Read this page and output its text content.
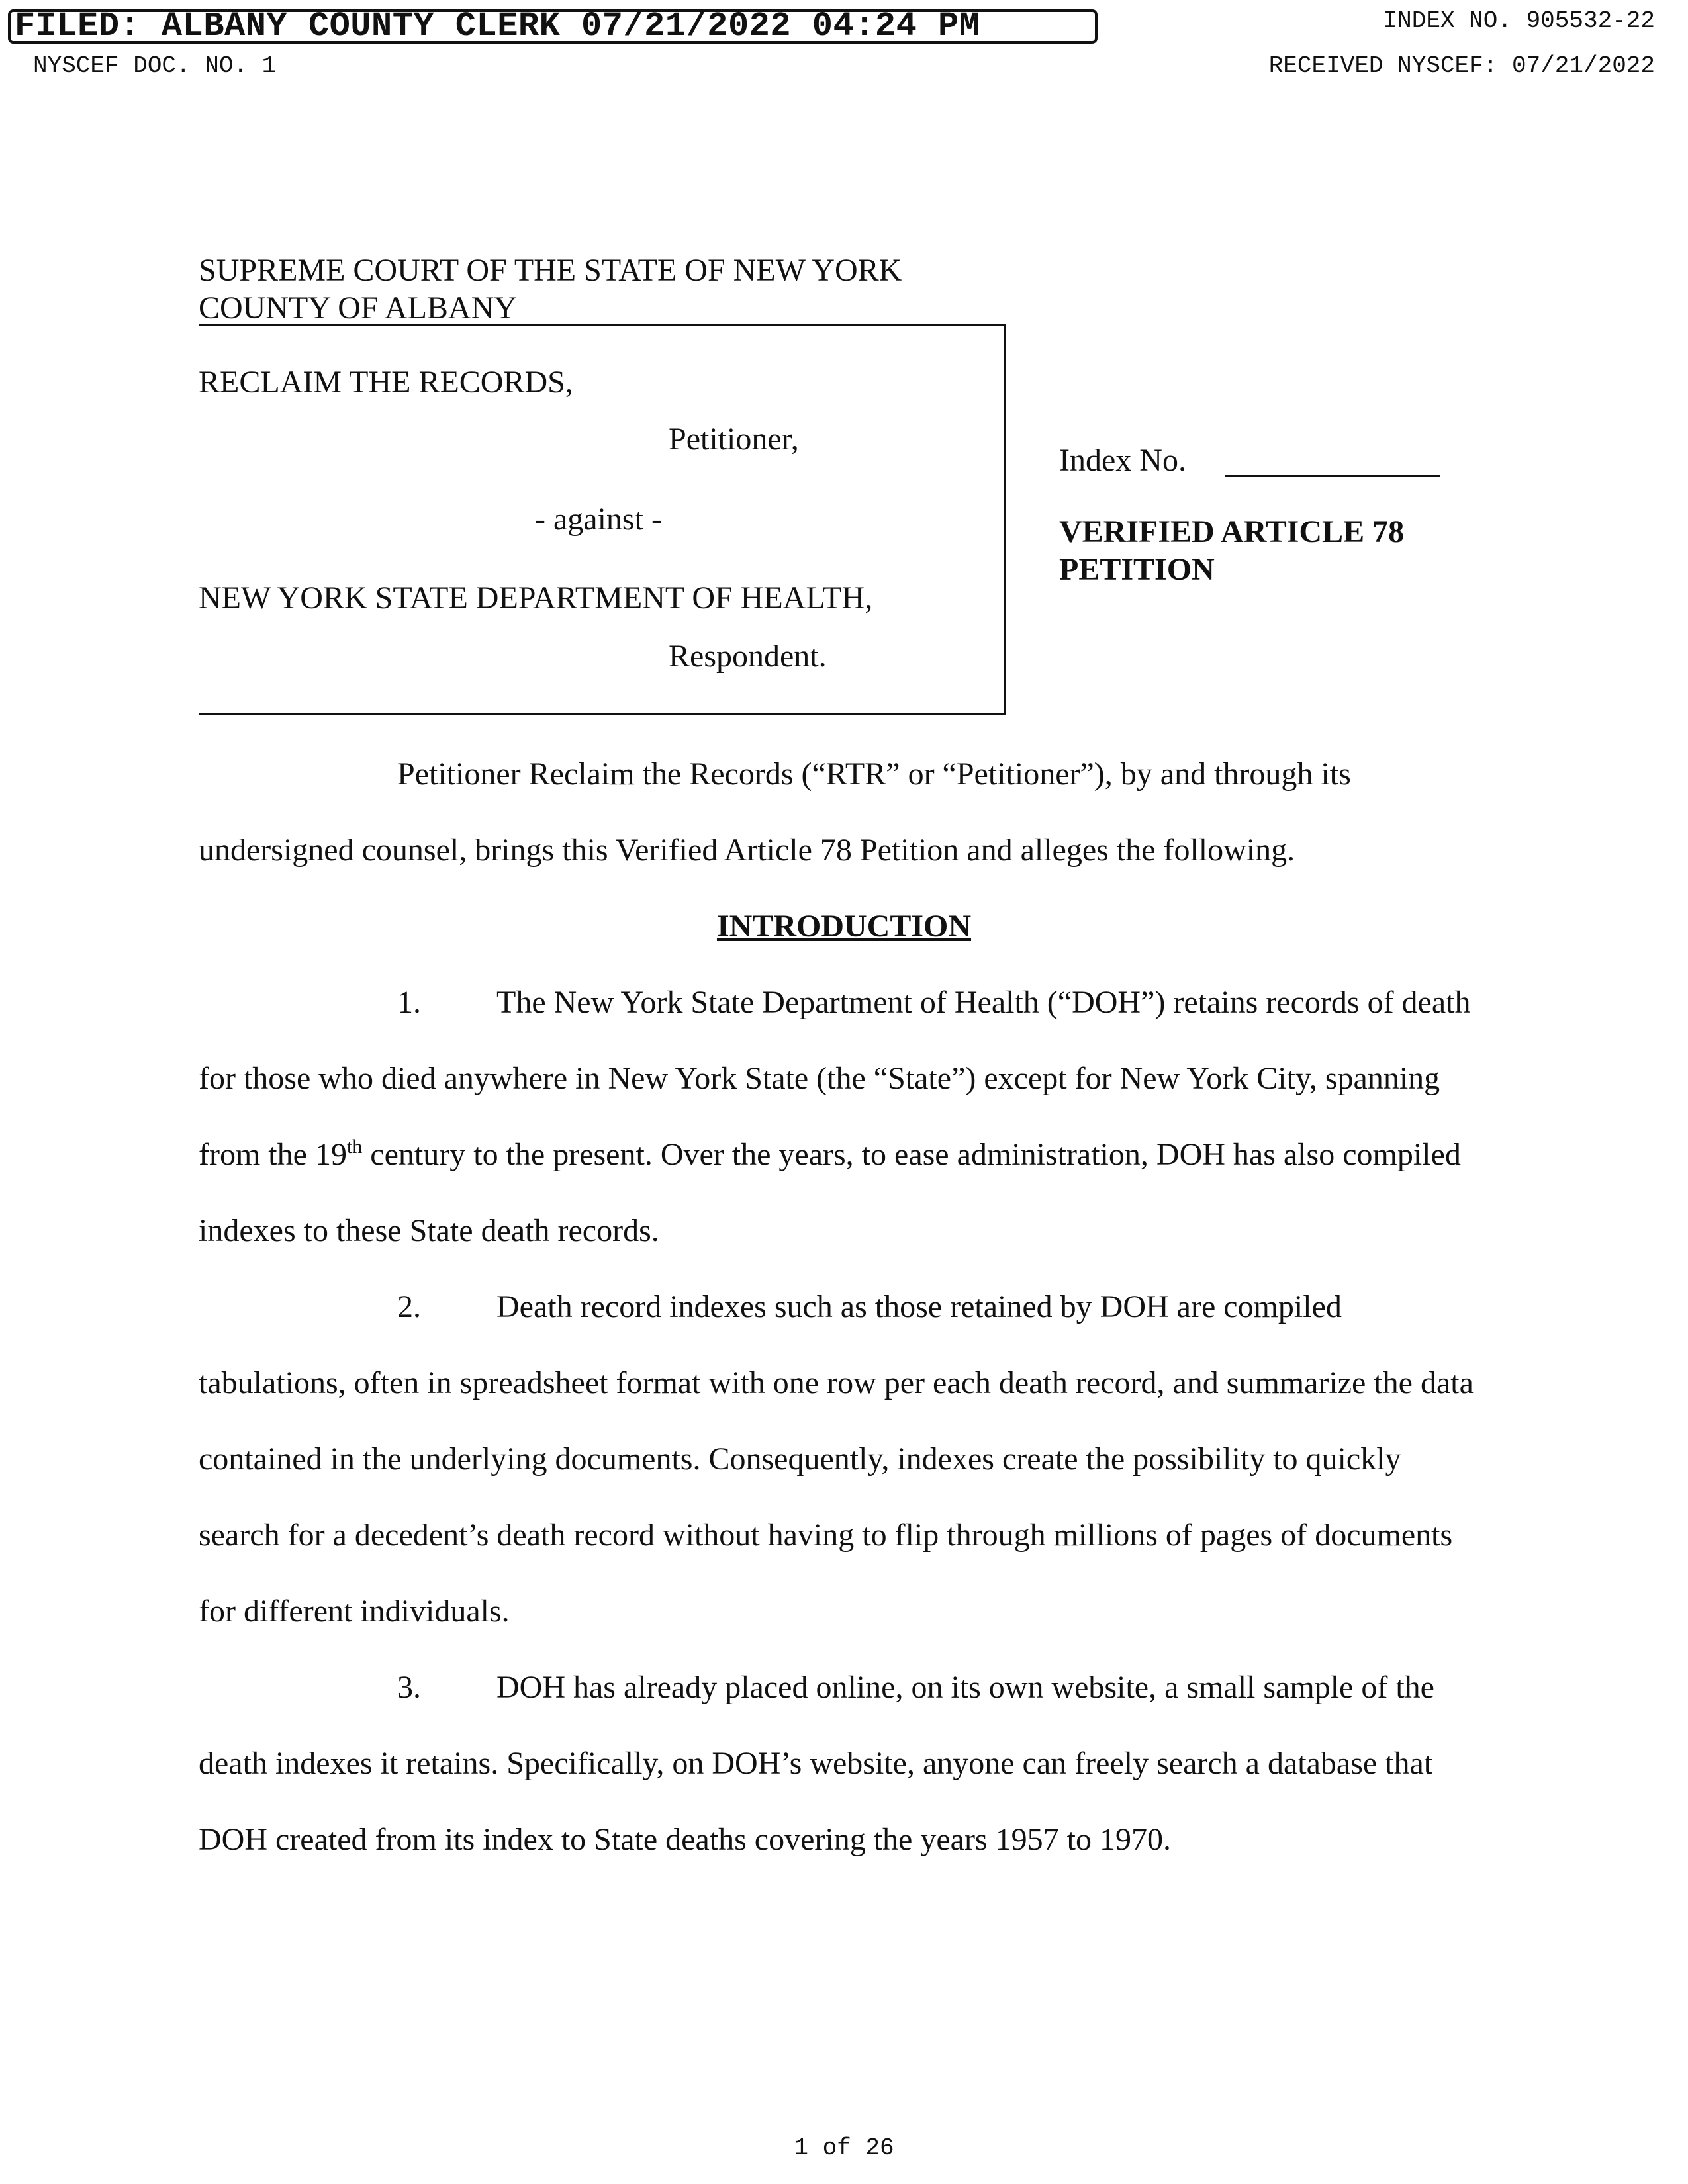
FILED: ALBANY COUNTY CLERK 07/21/2022 04:24 PM	INDEX NO. 905532-22
NYSCEF DOC. NO. 1	RECEIVED NYSCEF: 07/21/2022
SUPREME COURT OF THE STATE OF NEW YORK
COUNTY OF ALBANY
RECLAIM THE RECORDS,
Petitioner,
- against -
NEW YORK STATE DEPARTMENT OF HEALTH,
Respondent.
Index No.
VERIFIED ARTICLE 78
PETITION

Petitioner Reclaim the Records (“RTR” or “Petitioner”), by and through its undersigned counsel, brings this Verified Article 78 Petition and alleges the following.

INTRODUCTION

1. The New York State Department of Health (“DOH”) retains records of death for those who died anywhere in New York State (the “State”) except for New York City, spanning from the 19th century to the present. Over the years, to ease administration, DOH has also compiled indexes to these State death records.

2. Death record indexes such as those retained by DOH are compiled tabulations, often in spreadsheet format with one row per each death record, and summarize the data contained in the underlying documents. Consequently, indexes create the possibility to quickly search for a decedent’s death record without having to flip through millions of pages of documents for different individuals.

3. DOH has already placed online, on its own website, a small sample of the death indexes it retains. Specifically, on DOH’s website, anyone can freely search a database that DOH created from its index to State deaths covering the years 1957 to 1970.

1 of 26
